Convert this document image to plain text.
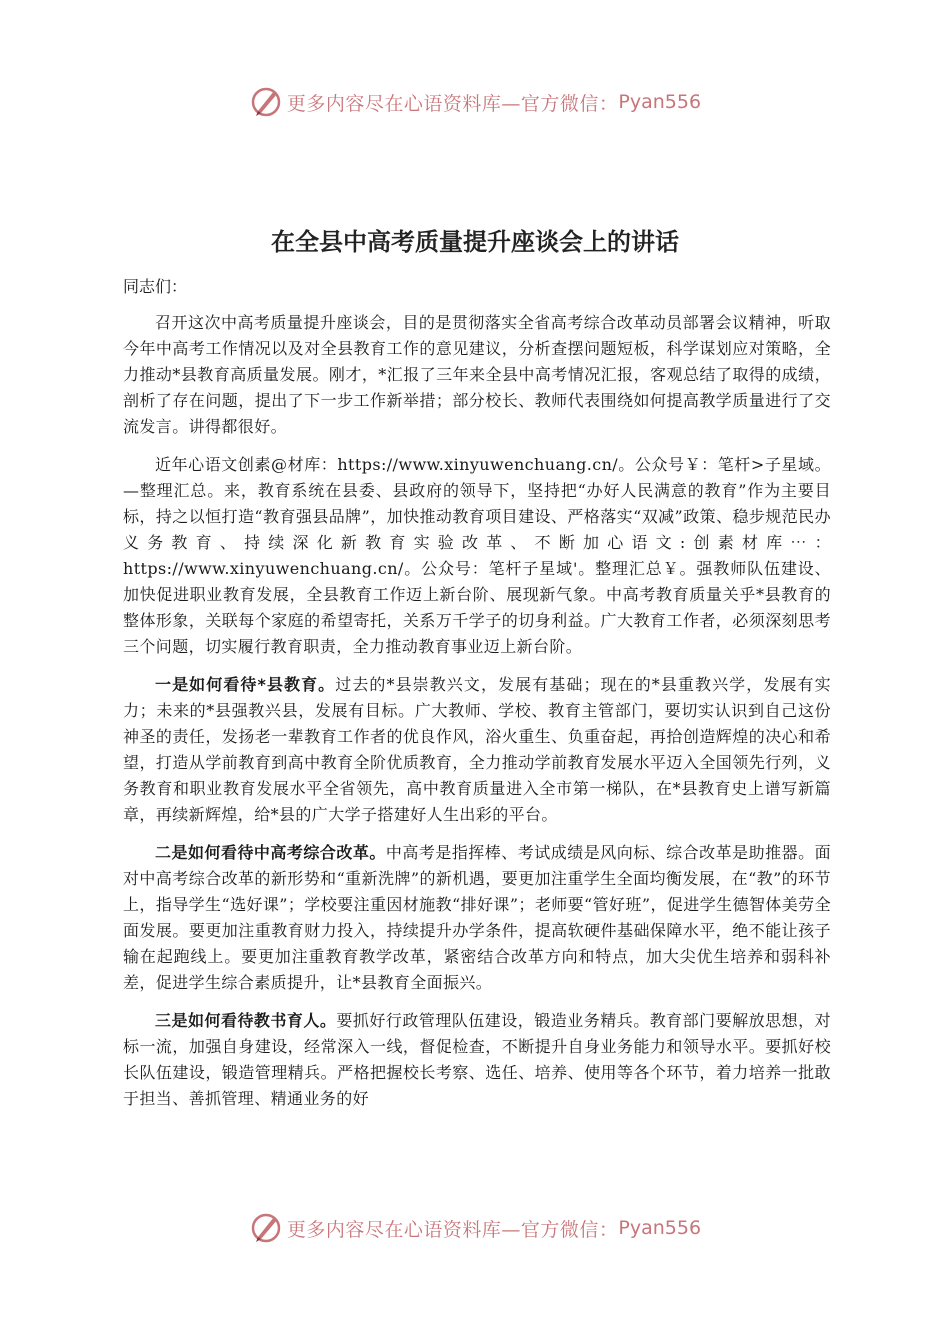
更多内容尽在心语资料库—官方微信： Pyan556
在全县中高考质量提升座谈会上的讲话

同志们：

召开这次中高考质量提升座谈会，目的是贯彻落实全省高考综合改革动员部署会议精神，听取今年中高考工作情况以及对全县教育工作的意见建议，分析查摆问题短板，科学谋划应对策略，全力推动*县教育高质量发展。刚才，*汇报了三年来全县中高考情况汇报，客观总结了取得的成绩，剖析了存在问题，提出了下一步工作新举措；部分校长、教师代表围绕如何提高教学质量进行了交流发言。讲得都很好。

近年心语文创素@材库：https://www.xinyuwenchuang.cn/。公众号￥：笔杆>子星域。—整理汇总。来，教育系统在县委、县政府的领导下，坚持把“办好人民满意的教育”作为主要目标，持之以恒打造“教育强县品牌”，加快推动教育项目建设、严格落实“双减”政策、稳步规范民办义务教育、持续深化新教育实验改革、不断加心语文:创素材库⋯：https://www.xinyuwenchuang.cn/。公众号：笔杆子星域'。整理汇总￥。强教师队伍建设、加快促进职业教育发展，全县教育工作迈上新台阶、展现新气象。中高考教育质量关乎*县教育的整体形象，关联每个家庭的希望寄托，关系万千学子的切身利益。广大教育工作者，必须深刻思考三个问题，切实履行教育职责，全力推动教育事业迈上新台阶。

一是如何看待*县教育。过去的*县崇教兴文，发展有基础；现在的*县重教兴学，发展有实力；未来的*县强教兴县，发展有目标。广大教师、学校、教育主管部门，要切实认识到自己这份神圣的责任，发扬老一辈教育工作者的优良作风，浴火重生、负重奋起，再拾创造辉煌的决心和希望，打造从学前教育到高中教育全阶优质教育，全力推动学前教育发展水平迈入全国领先行列，义务教育和职业教育发展水平全省领先，高中教育质量进入全市第一梯队，在*县教育史上谱写新篇章，再续新辉煌，给*县的广大学子搭建好人生出彩的平台。

二是如何看待中高考综合改革。中高考是指挥棒、考试成绩是风向标、综合改革是助推器。面对中高考综合改革的新形势和“重新洗牌”的新机遇，要更加注重学生全面均衡发展，在“教”的环节上，指导学生“选好课”；学校要注重因材施教“排好课”；老师要“管好班”，促进学生德智体美劳全面发展。要更加注重教育财力投入，持续提升办学条件，提高软硬件基础保障水平，绝不能让孩子输在起跑线上。要更加注重教育教学改革，紧密结合改革方向和特点，加大尖优生培养和弱科补差，促进学生综合素质提升，让*县教育全面振兴。

三是如何看待教书育人。要抓好行政管理队伍建设，锻造业务精兵。教育部门要解放思想，对标一流，加强自身建设，经常深入一线，督促检查，不断提升自身业务能力和领导水平。要抓好校长队伍建设，锻造管理精兵。严格把握校长考察、选任、培养、使用等各个环节，着力培养一批敢于担当、善抓管理、精通业务的好

更多内容尽在心语资料库—官方微信： Pyan556
